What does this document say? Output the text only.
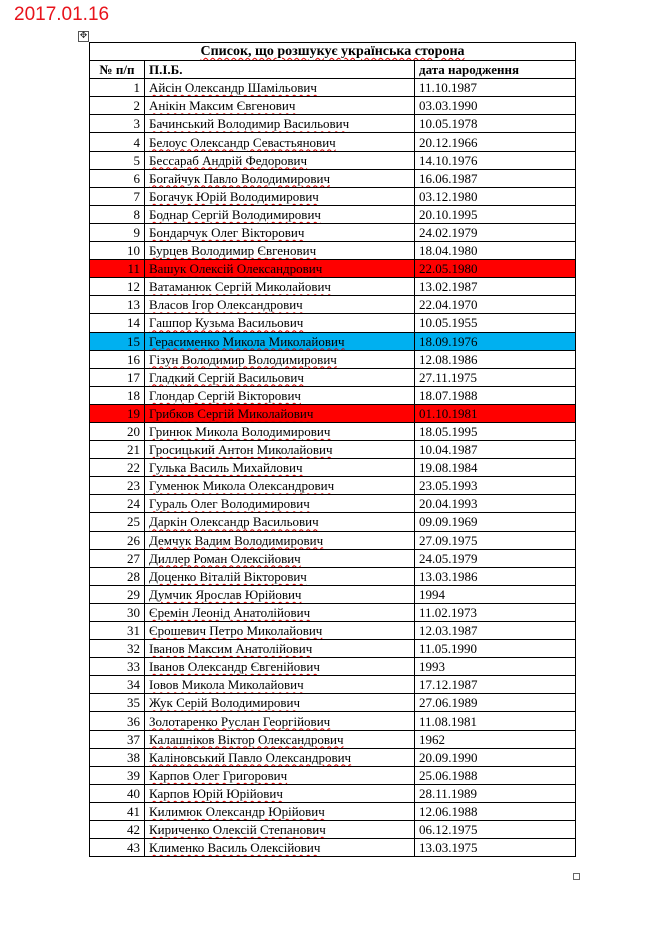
2017.01.16
✥
Список, що розшукує українська сторона		
№ п/п	П.І.Б.	дата народження
1	Айсін Олександр Шамільович	11.10.1987
2	Анікін Максим Євгенович	03.03.1990
3	Бачинський Володимир Васильович	10.05.1978
4	Белоус Олександр Севастьянович	20.12.1966
5	Бессараб Андрій Федорович	14.10.1976
6	Богайчук Павло Володимирович	16.06.1987
7	Богачук Юрій Володимирович	03.12.1980
8	Боднар Сергій Володимирович	20.10.1995
9	Бондарчук Олег Вікторович	24.02.1979
10	Бурцев Володимир Євгенович	18.04.1980
11	Вашук Олексій Олександрович	22.05.1980
12	Ватаманюк Сергій Миколайович	13.02.1987
13	Власов Ігор Олександрович	22.04.1970
14	Гашпор Кузьма Васильович	10.05.1955
15	Герасименко Микола Миколайович	18.09.1976
16	Гізун Володимир Володимирович	12.08.1986
17	Гладкий Сергій Васильович	27.11.1975
18	Глондар Сергій Вікторович	18.07.1988
19	Грибков Сергій Миколайович	01.10.1981
20	Гринюк Микола Володимирович	18.05.1995
21	Гросицький Антон Миколайович	10.04.1987
22	Гулька Василь Михайлович	19.08.1984
23	Гуменюк Микола Олександрович	23.05.1993
24	Гураль Олег Володимирович	20.04.1993
25	Даркін Олександр Васильович	09.09.1969
26	Демчук Вадим Володимирович	27.09.1975
27	Диллер Роман Олексійович	24.05.1979
28	Доценко Віталій Вікторович	13.03.1986
29	Думчик Ярослав Юрійович	1994
30	Єремін Леонід Анатолійович	11.02.1973
31	Єрошевич Петро Миколайович	12.03.1987
32	Іванов Максим Анатолійович	11.05.1990
33	Іванов Олександр Євгенійович	1993
34	Іовов Микола Миколайович	17.12.1987
35	Жук Серій Володимирович	27.06.1989
36	Золотаренко Руслан Георгійович	11.08.1981
37	Калашніков Віктор Олександрович	1962
38	Каліновський Павло Олександрович	20.09.1990
39	Карпов Олег Григорович	25.06.1988
40	Карпов Юрій Юрійович	28.11.1989
41	Килимюк Олександр Юрійович	12.06.1988
42	Кириченко Олексій Степанович	06.12.1975
43	Клименко Василь Олексійович	13.03.1975
